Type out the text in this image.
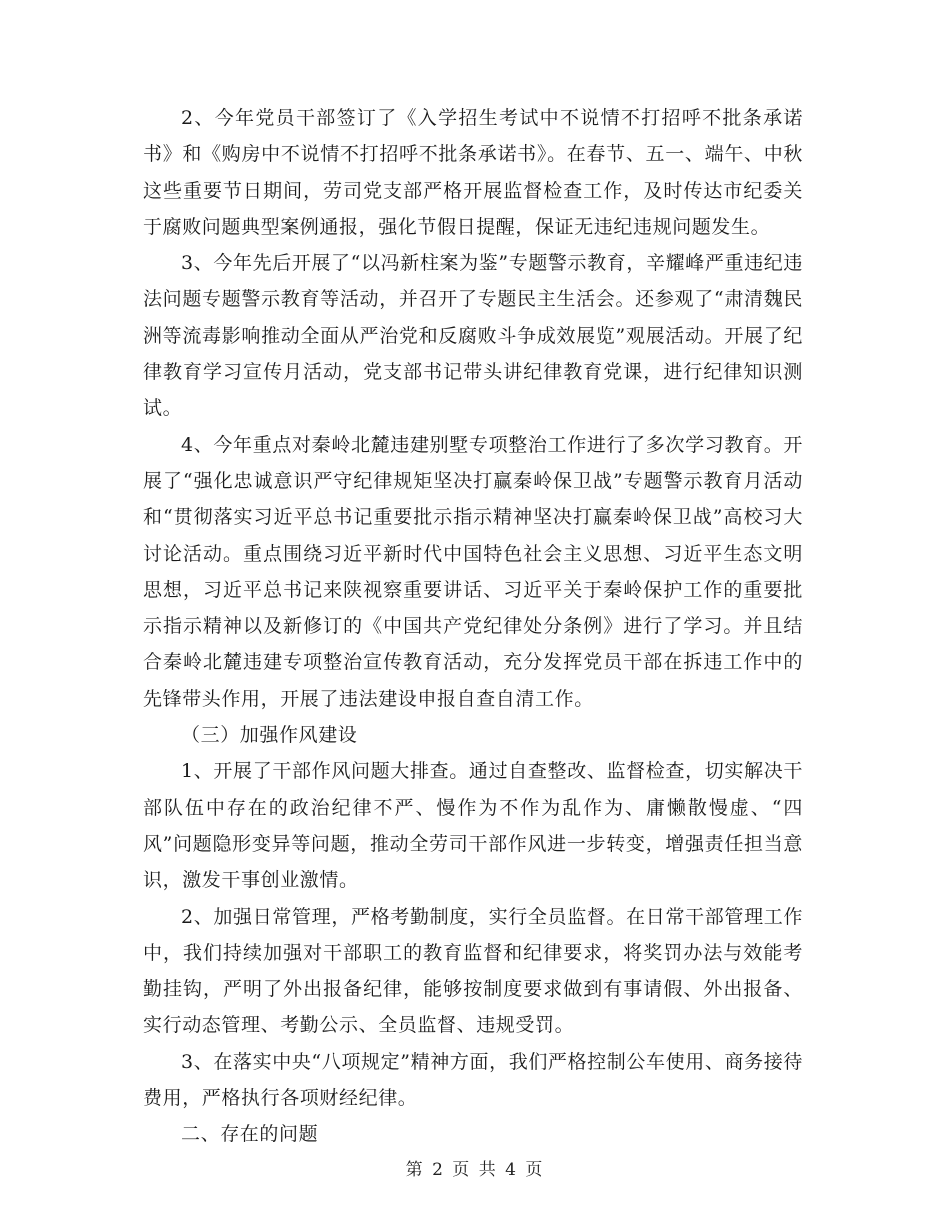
2、今年党员干部签订了《入学招生考试中不说情不打招呼不批条承诺书》和《购房中不说情不打招呼不批条承诺书》。在春节、五一、端午、中秋这些重要节日期间，劳司党支部严格开展监督检查工作，及时传达市纪委关于腐败问题典型案例通报，强化节假日提醒，保证无违纪违规问题发生。

3、今年先后开展了“以冯新柱案为鉴”专题警示教育，辛耀峰严重违纪违法问题专题警示教育等活动，并召开了专题民主生活会。还参观了“肃清魏民洲等流毒影响推动全面从严治党和反腐败斗争成效展览”观展活动。开展了纪律教育学习宣传月活动，党支部书记带头讲纪律教育党课，进行纪律知识测试。

4、今年重点对秦岭北麓违建别墅专项整治工作进行了多次学习教育。开展了“强化忠诚意识严守纪律规矩坚决打赢秦岭保卫战”专题警示教育月活动和“贯彻落实习近平总书记重要批示指示精神坚决打赢秦岭保卫战”高校习大讨论活动。重点围绕习近平新时代中国特色社会主义思想、习近平生态文明思想，习近平总书记来陕视察重要讲话、习近平关于秦岭保护工作的重要批示指示精神以及新修订的《中国共产党纪律处分条例》进行了学习。并且结合秦岭北麓违建专项整治宣传教育活动，充分发挥党员干部在拆违工作中的先锋带头作用，开展了违法建设申报自查自清工作。

（三）加强作风建设

1、开展了干部作风问题大排查。通过自查整改、监督检查，切实解决干部队伍中存在的政治纪律不严、慢作为不作为乱作为、庸懒散慢虚、“四风”问题隐形变异等问题，推动全劳司干部作风进一步转变，增强责任担当意识，激发干事创业激情。

2、加强日常管理，严格考勤制度，实行全员监督。在日常干部管理工作中，我们持续加强对干部职工的教育监督和纪律要求，将奖罚办法与效能考勤挂钩，严明了外出报备纪律，能够按制度要求做到有事请假、外出报备、实行动态管理、考勤公示、全员监督、违规受罚。

3、在落实中央“八项规定”精神方面，我们严格控制公车使用、商务接待费用，严格执行各项财经纪律。

二、存在的问题

第 2 页 共 4 页
